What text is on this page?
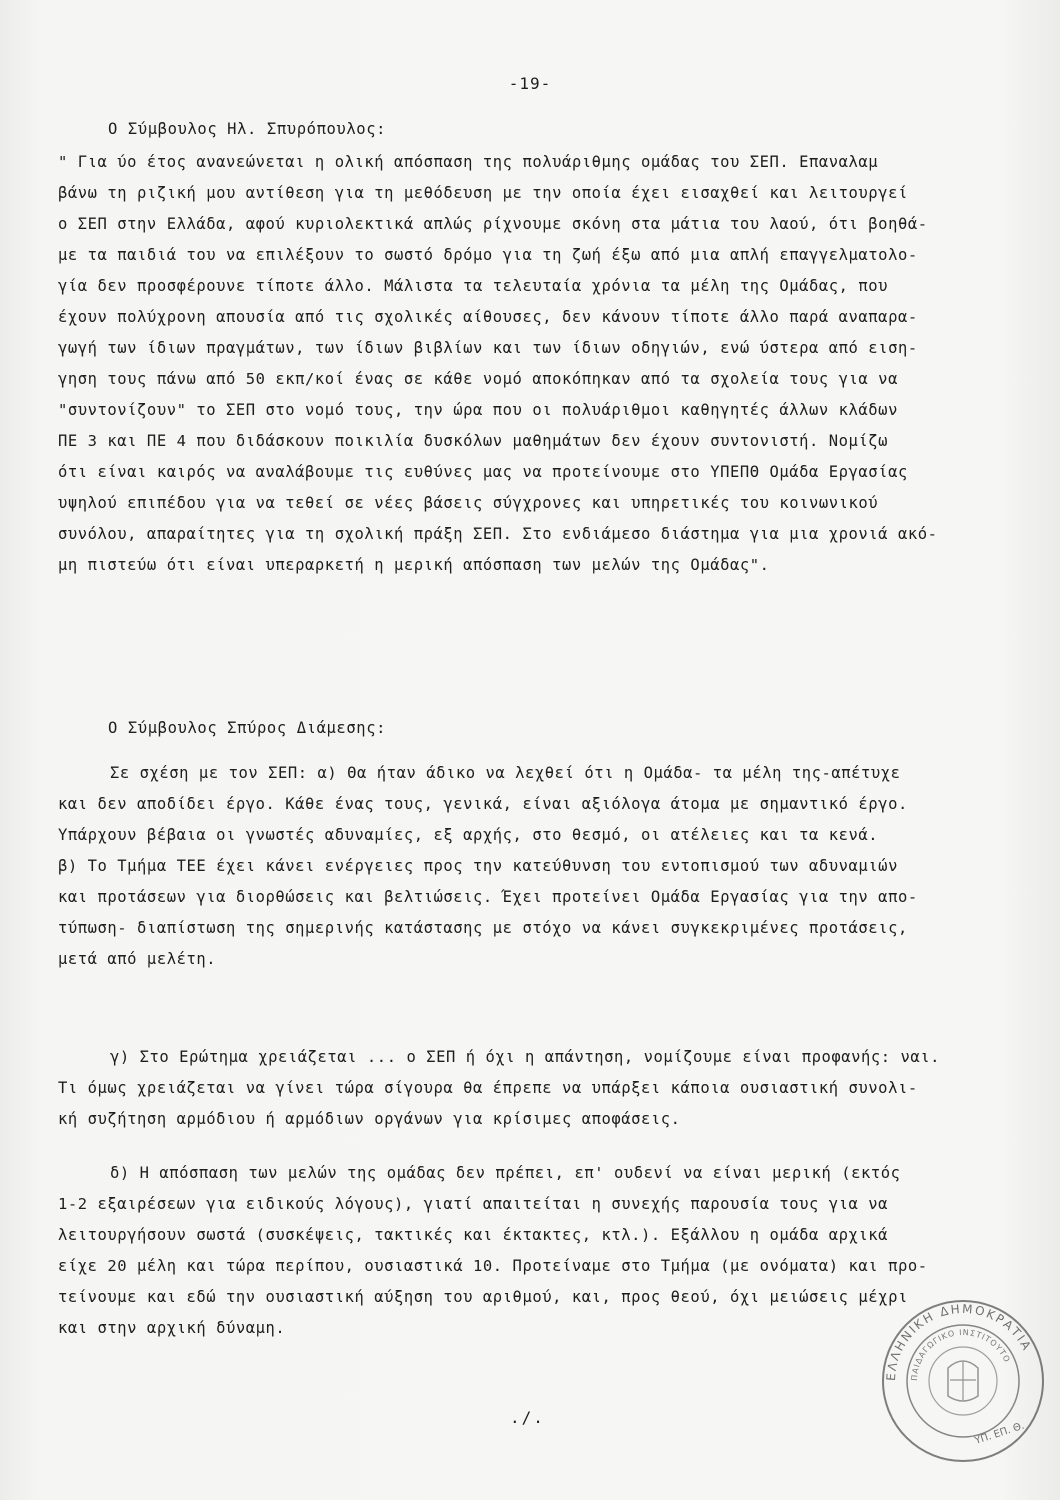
-19-
Ο Σύμβουλος Ηλ. Σπυρόπουλος:

" Για ύο έτος ανανεώνεται η ολική απόσπαση της πολυάριθμης ομάδας του ΣΕΠ. Επαναλαμ

βάνω τη ριζική μου αντίθεση για τη μεθόδευση με την οποία έχει εισαχθεί και λειτουργεί

ο ΣΕΠ στην Ελλάδα, αφού κυριολεκτικά απλώς ρίχνουμε σκόνη στα μάτια του λαού, ότι βοηθά-

με τα παιδιά του να επιλέξουν το σωστό δρόμο για τη ζωή έξω από μια απλή επαγγελματολο-

γία δεν προσφέρουνε τίποτε άλλο. Μάλιστα τα τελευταία χρόνια τα μέλη της Ομάδας, που

έχουν πολύχρονη απουσία από τις σχολικές αίθουσες, δεν κάνουν τίποτε άλλο παρά αναπαρα-

γωγή των ίδιων πραγμάτων, των ίδιων βιβλίων και των ίδιων οδηγιών, ενώ ύστερα από ειση-

γηση τους πάνω από 50 εκπ/κοί ένας σε κάθε νομό αποκόπηκαν από τα σχολεία τους για να

"συντονίζουν" το ΣΕΠ στο νομό τους, την ώρα που οι πολυάριθμοι καθηγητές άλλων κλάδων

ΠΕ 3 και ΠΕ 4 που διδάσκουν ποικιλία δυσκόλων μαθημάτων δεν έχουν συντονιστή. Νομίζω

ότι είναι καιρός να αναλάβουμε τις ευθύνες μας να προτείνουμε στο ΥΠΕΠΘ Ομάδα Εργασίας

υψηλού επιπέδου για να τεθεί σε νέες βάσεις σύγχρονες και υπηρετικές του κοινωνικού

συνόλου, απαραίτητες για τη σχολική πράξη ΣΕΠ. Στο ενδιάμεσο διάστημα για μια χρονιά ακό-

μη πιστεύω ότι είναι υπεραρκετή η μερική απόσπαση των μελών της Ομάδας".

Ο Σύμβουλος Σπύρος Διάμεσης:

Σε σχέση με τον ΣΕΠ: α) Θα ήταν άδικο να λεχθεί ότι η Ομάδα- τα μέλη της-απέτυχε

και δεν αποδίδει έργο. Κάθε ένας τους, γενικά, είναι αξιόλογα άτομα με σημαντικό έργο.

Υπάρχουν βέβαια οι γνωστές αδυναμίες, εξ αρχής, στο θεσμό, οι ατέλειες και τα κενά.

β) Το Τμήμα ΤΕΕ έχει κάνει ενέργειες προς την κατεύθυνση του εντοπισμού των αδυναμιών

και προτάσεων για διορθώσεις και βελτιώσεις. Έχει προτείνει Ομάδα Εργασίας για την απο-

τύπωση- διαπίστωση της σημερινής κατάστασης με στόχο να κάνει συγκεκριμένες προτάσεις,

μετά από μελέτη.

γ) Στο Ερώτημα χρειάζεται ... ο ΣΕΠ ή όχι η απάντηση, νομίζουμε είναι προφανής: ναι.

Τι όμως χρειάζεται να γίνει τώρα σίγουρα θα έπρεπε να υπάρξει κάποια ουσιαστική συνολι-

κή συζήτηση αρμόδιου ή αρμόδιων οργάνων για κρίσιμες αποφάσεις.

δ) Η απόσπαση των μελών της ομάδας δεν πρέπει, επ' ουδενί να είναι μερική (εκτός

1-2 εξαιρέσεων για ειδικούς λόγους), γιατί απαιτείται η συνεχής παρουσία τους για να

λειτουργήσουν σωστά (συσκέψεις, τακτικές και έκτακτες, κτλ.). Εξάλλου η ομάδα αρχικά

είχε 20 μέλη και τώρα περίπου, ουσιαστικά 10. Προτείναμε στο Τμήμα (με ονόματα) και προ-

τείνουμε και εδώ την ουσιαστική αύξηση του αριθμού, και, προς θεού, όχι μειώσεις μέχρι

και στην αρχική δύναμη.

./.
ΕΛΛΗΝΙΚΗ ΔΗΜΟΚΡΑΤΙΑ
ΠΑΙΔΑΓΩΓΙΚΟ ΙΝΣΤΙΤΟΥΤΟ
ΥΠ. ΕΠ. Θ.
